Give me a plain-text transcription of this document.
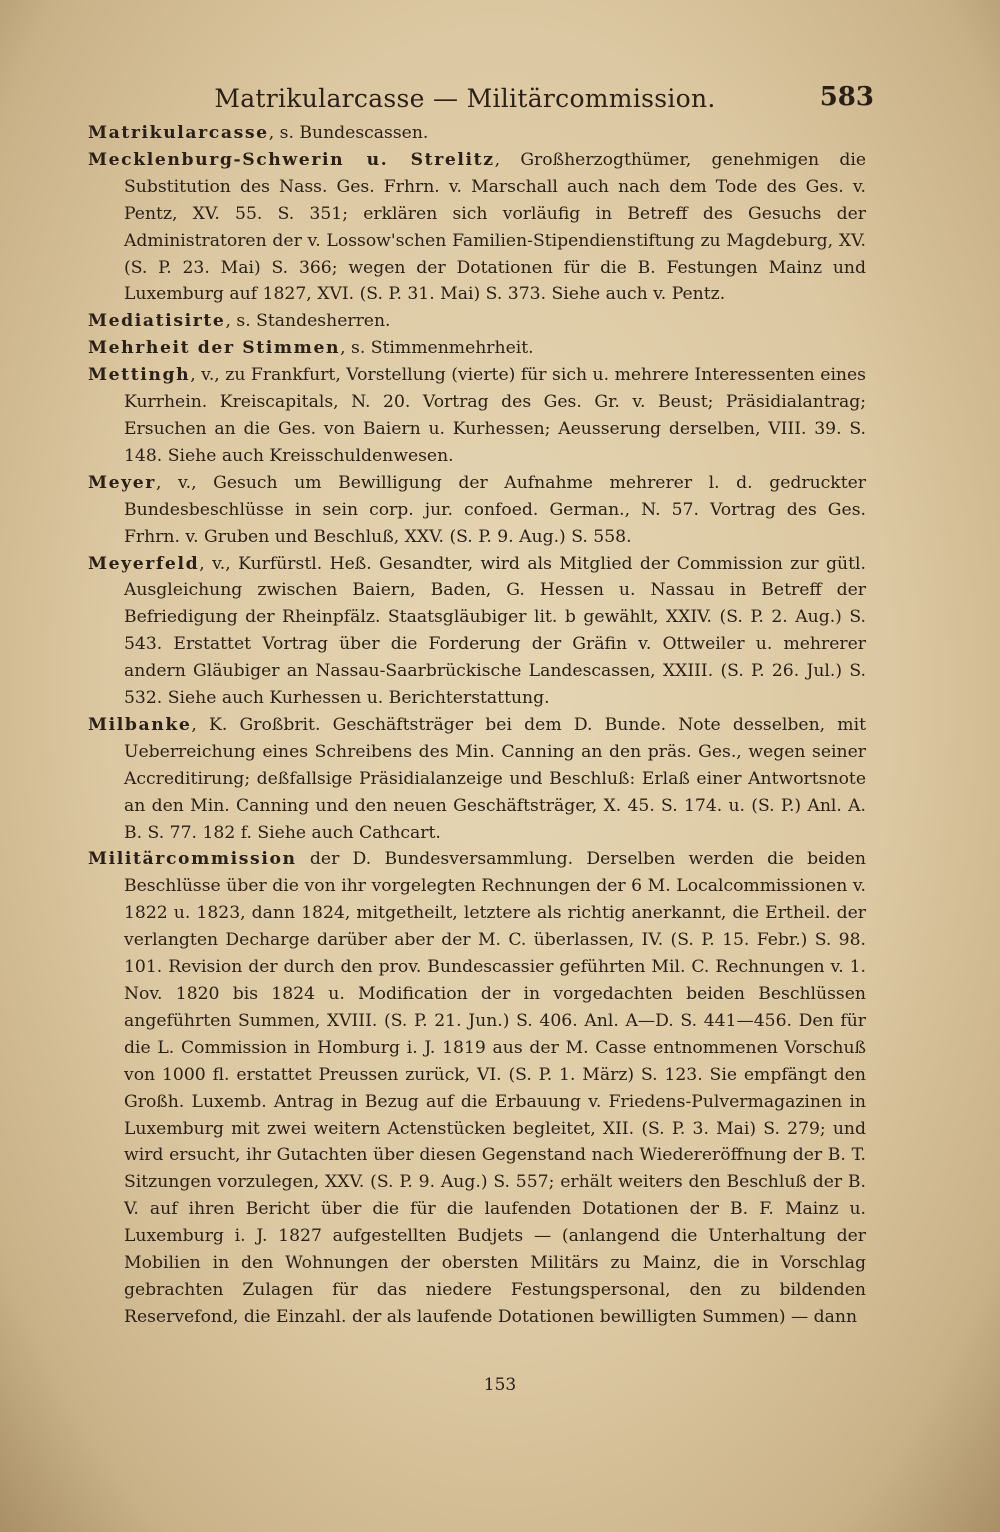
Matrikularcasse — Militärcommission.	583

Matrikularcasse, s. Bundescassen.

Mecklenburg-Schwerin u. Strelitz, Großherzogthümer, genehmigen die Substitution des Nass. Ges. Frhrn. v. Marschall auch nach dem Tode des Ges. v. Pentz, XV. 55. S. 351; erklären sich vorläufig in Betreff des Gesuchs der Administratoren der v. Lossow'schen Familien-Stipendienstiftung zu Magdeburg, XV. (S. P. 23. Mai) S. 366; wegen der Dotationen für die B. Festungen Mainz und Luxemburg auf 1827, XVI. (S. P. 31. Mai) S. 373. Siehe auch v. Pentz.

Mediatisirte, s. Standesherren.

Mehrheit der Stimmen, s. Stimmenmehrheit.

Mettingh, v., zu Frankfurt, Vorstellung (vierte) für sich u. mehrere Interessenten eines Kurrhein. Kreiscapitals, N. 20. Vortrag des Ges. Gr. v. Beust; Präsidialantrag; Ersuchen an die Ges. von Baiern u. Kurhessen; Aeusserung derselben, VIII. 39. S. 148. Siehe auch Kreisschuldenwesen.

Meyer, v., Gesuch um Bewilligung der Aufnahme mehrerer l. d. gedruckter Bundesbeschlüsse in sein corp. jur. confoed. German., N. 57. Vortrag des Ges. Frhrn. v. Gruben und Beschluß, XXV. (S. P. 9. Aug.) S. 558.

Meyerfeld, v., Kurfürstl. Heß. Gesandter, wird als Mitglied der Commission zur gütl. Ausgleichung zwischen Baiern, Baden, G. Hessen u. Nassau in Betreff der Befriedigung der Rheinpfälz. Staatsgläubiger lit. b gewählt, XXIV. (S. P. 2. Aug.) S. 543. Erstattet Vortrag über die Forderung der Gräfin v. Ottweiler u. mehrerer andern Gläubiger an Nassau-Saarbrückische Landescassen, XXIII. (S. P. 26. Jul.) S. 532. Siehe auch Kurhessen u. Berichterstattung.

Milbanke, K. Großbrit. Geschäftsträger bei dem D. Bunde. Note desselben, mit Ueberreichung eines Schreibens des Min. Canning an den präs. Ges., wegen seiner Accreditirung; deßfallsige Präsidialanzeige und Beschluß: Erlaß einer Antwortsnote an den Min. Canning und den neuen Geschäftsträger, X. 45. S. 174. u. (S. P.) Anl. A. B. S. 77. 182 f. Siehe auch Cathcart.

Militärcommission der D. Bundesversammlung. Derselben werden die beiden Beschlüsse über die von ihr vorgelegten Rechnungen der 6 M. Localcommissionen v. 1822 u. 1823, dann 1824, mitgetheilt, letztere als richtig anerkannt, die Ertheil. der verlangten Decharge darüber aber der M. C. überlassen, IV. (S. P. 15. Febr.) S. 98. 101. Revision der durch den prov. Bundescassier geführten Mil. C. Rechnungen v. 1. Nov. 1820 bis 1824 u. Modification der in vorgedachten beiden Beschlüssen angeführten Summen, XVIII. (S. P. 21. Jun.) S. 406. Anl. A—D. S. 441—456. Den für die L. Commission in Homburg i. J. 1819 aus der M. Casse entnommenen Vorschuß von 1000 fl. erstattet Preussen zurück, VI. (S. P. 1. März) S. 123. Sie empfängt den Großh. Luxemb. Antrag in Bezug auf die Erbauung v. Friedens-Pulvermagazinen in Luxemburg mit zwei weitern Actenstücken begleitet, XII. (S. P. 3. Mai) S. 279; und wird ersucht, ihr Gutachten über diesen Gegenstand nach Wiedereröffnung der B. T. Sitzungen vorzulegen, XXV. (S. P. 9. Aug.) S. 557; erhält weiters den Beschluß der B. V. auf ihren Bericht über die für die laufenden Dotationen der B. F. Mainz u. Luxemburg i. J. 1827 aufgestellten Budjets — (anlangend die Unterhaltung der Mobilien in den Wohnungen der obersten Militärs zu Mainz, die in Vorschlag gebrachten Zulagen für das niedere Festungspersonal, den zu bildenden Reservefond, die Einzahl. der als laufende Dotationen bewilligten Summen) — dann

153
